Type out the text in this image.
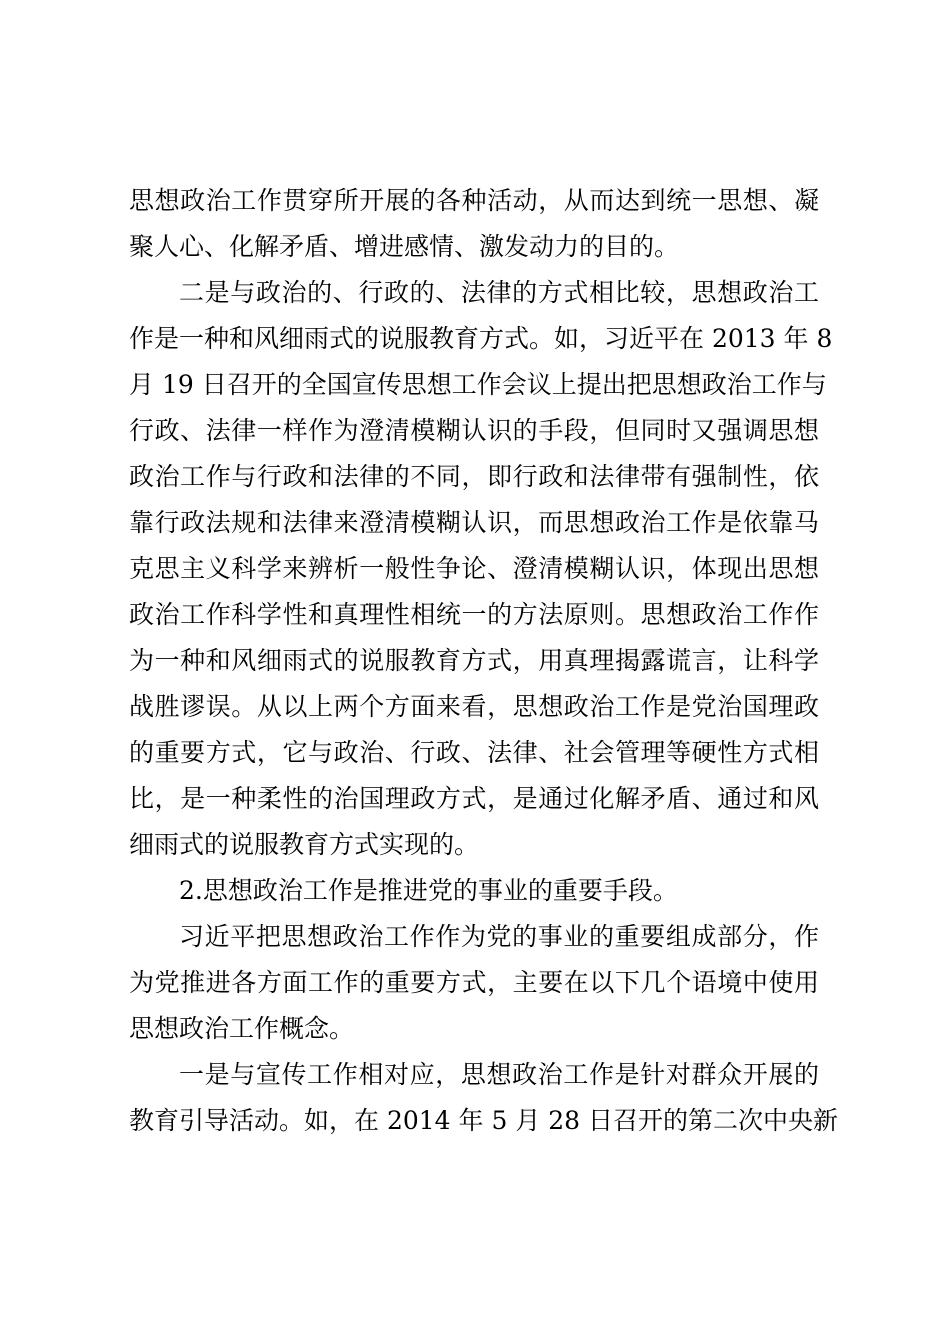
思想政治工作贯穿所开展的各种活动，从而达到统一思想、凝
聚人心、化解矛盾、增进感情、激发动力的目的。
二是与政治的、行政的、法律的方式相比较，思想政治工
作是一种和风细雨式的说服教育方式。如，习近平在 2013 年 8
月 19 日召开的全国宣传思想工作会议上提出把思想政治工作与
行政、法律一样作为澄清模糊认识的手段，但同时又强调思想
政治工作与行政和法律的不同，即行政和法律带有强制性，依
靠行政法规和法律来澄清模糊认识，而思想政治工作是依靠马
克思主义科学来辨析一般性争论、澄清模糊认识，体现出思想
政治工作科学性和真理性相统一的方法原则。思想政治工作作
为一种和风细雨式的说服教育方式，用真理揭露谎言，让科学
战胜谬误。从以上两个方面来看，思想政治工作是党治国理政
的重要方式，它与政治、行政、法律、社会管理等硬性方式相
比，是一种柔性的治国理政方式，是通过化解矛盾、通过和风
细雨式的说服教育方式实现的。
2.思想政治工作是推进党的事业的重要手段。
习近平把思想政治工作作为党的事业的重要组成部分，作
为党推进各方面工作的重要方式，主要在以下几个语境中使用
思想政治工作概念。
一是与宣传工作相对应，思想政治工作是针对群众开展的
教育引导活动。如，在 2014 年 5 月 28 日召开的第二次中央新
